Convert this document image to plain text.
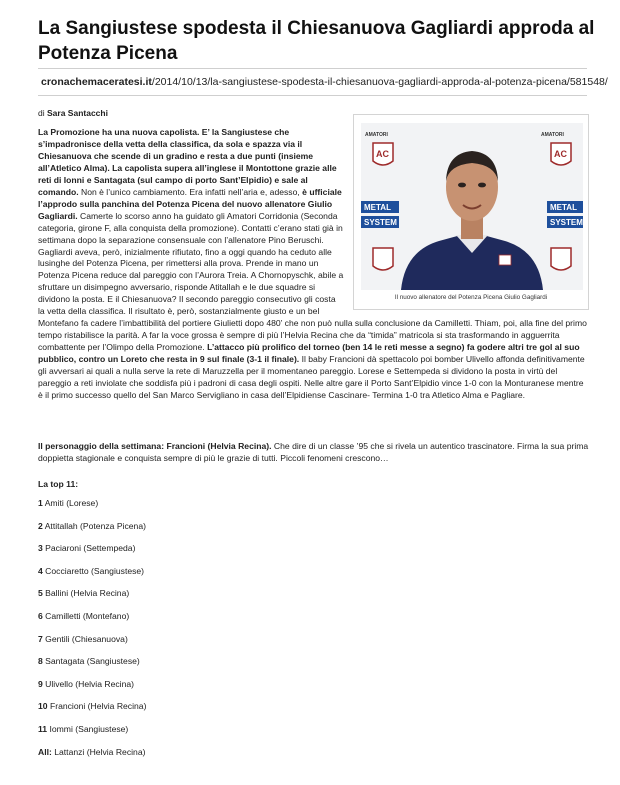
La Sangiustese spodesta il Chiesanuova Gagliardi approda al Potenza Picena
cronachemaceratesi.it /2014/10/13/la-sangiustese-spodesta-il-chiesanuova-gagliardi-approda-al-potenza-picena/581548/
di Sara Santacchi
AMATORI	AMATORI
AC	AC
METAL
SYSTEM
METAL
SYSTEM
Il nuovo allenatore del Potenza Picena Giulio Gagliardi
La Promozione ha una nuova capolista. E’ la Sangiustese che s’impadronisce della vetta della classifica, da sola e spazza via il Chiesanuova che scende di un gradino e resta a due punti (insieme all’Atletico Alma). La capolista supera all’inglese il Montottone grazie alle reti di Ionni e Santagata (sul campo di porto Sant’Elpidio) e sale al comando. Non è l’unico cambiamento. Era infatti nell’aria e, adesso, è ufficiale l’approdo sulla panchina del Potenza Picena del nuovo allenatore Giulio Gagliardi. Camerte lo scorso anno ha guidato gli Amatori Corridonia (Seconda categoria, girone F, alla conquista della promozione). Contatti c’erano stati già in settimana dopo la separazione consensuale con l’allenatore Pino Beruschi. Gagliardi aveva, però, inizialmente rifiutato, fino a oggi quando ha ceduto alle lusinghe del Potenza Picena, per rimettersi alla prova. Prende in mano un Potenza Picena reduce dal pareggio con l’Aurora Treia. A Chornopyschk, abile a sfruttare un disimpegno avversario, risponde Atitallah e le due squadre si dividono la posta. E il Chiesanuova? Il secondo pareggio consecutivo gli costa la vetta della classifica. Il risultato è, però, sostanzialmente giusto e un bel Montefano fa cadere l’imbattibilità del portiere Giulietti dopo 480’ che non può nulla sulla conclusione da Camilletti. Thiam, poi, alla fine del primo tempo ristabilisce la parità. A far la voce grossa è sempre di più l’Helvia Recina che da “timida” matricola si sta trasformando in agguerrita combattente per l’Olimpo della Promozione. L’attacco più prolifico del torneo (ben 14 le reti messe a segno) fa godere altri tre gol al suo pubblico, contro un Loreto che resta in 9 sul finale (3-1 il finale). Il baby Francioni dà spettacolo poi bomber Ulivello affonda definitivamente gli avversari ai quali a nulla serve la rete di Maruzzella per il momentaneo pareggio. Lorese e Settempeda si dividono la posta in virtù del pareggio a reti inviolate che soddisfa più i padroni di casa degli ospiti. Nelle altre gare il Porto Sant’Elpidio vince 1-0 con la Monturanese mentre è il primo successo quello del San Marco Servigliano in casa dell’Elpidiense Cascinare- Termina 1-0 tra Atletico Alma e Pagliare.
Il personaggio della settimana: Francioni (Helvia Recina). Che dire di un classe ’95 che si rivela un autentico trascinatore. Firma la sua prima doppietta stagionale e conquista sempre di più le grazie di tutti. Piccoli fenomeni crescono…
La top 11:
1 Amiti (Lorese)
2 Attitallah (Potenza Picena)
3 Paciaroni (Settempeda)
4 Cocciaretto (Sangiustese)
5 Ballini (Helvia Recina)
6 Camilletti (Montefano)
7 Gentili (Chiesanuova)
8 Santagata (Sangiustese)
9 Ulivello (Helvia Recina)
10 Francioni (Helvia Recina)
11 Iommi (Sangiustese)
All: Lattanzi (Helvia Recina)
